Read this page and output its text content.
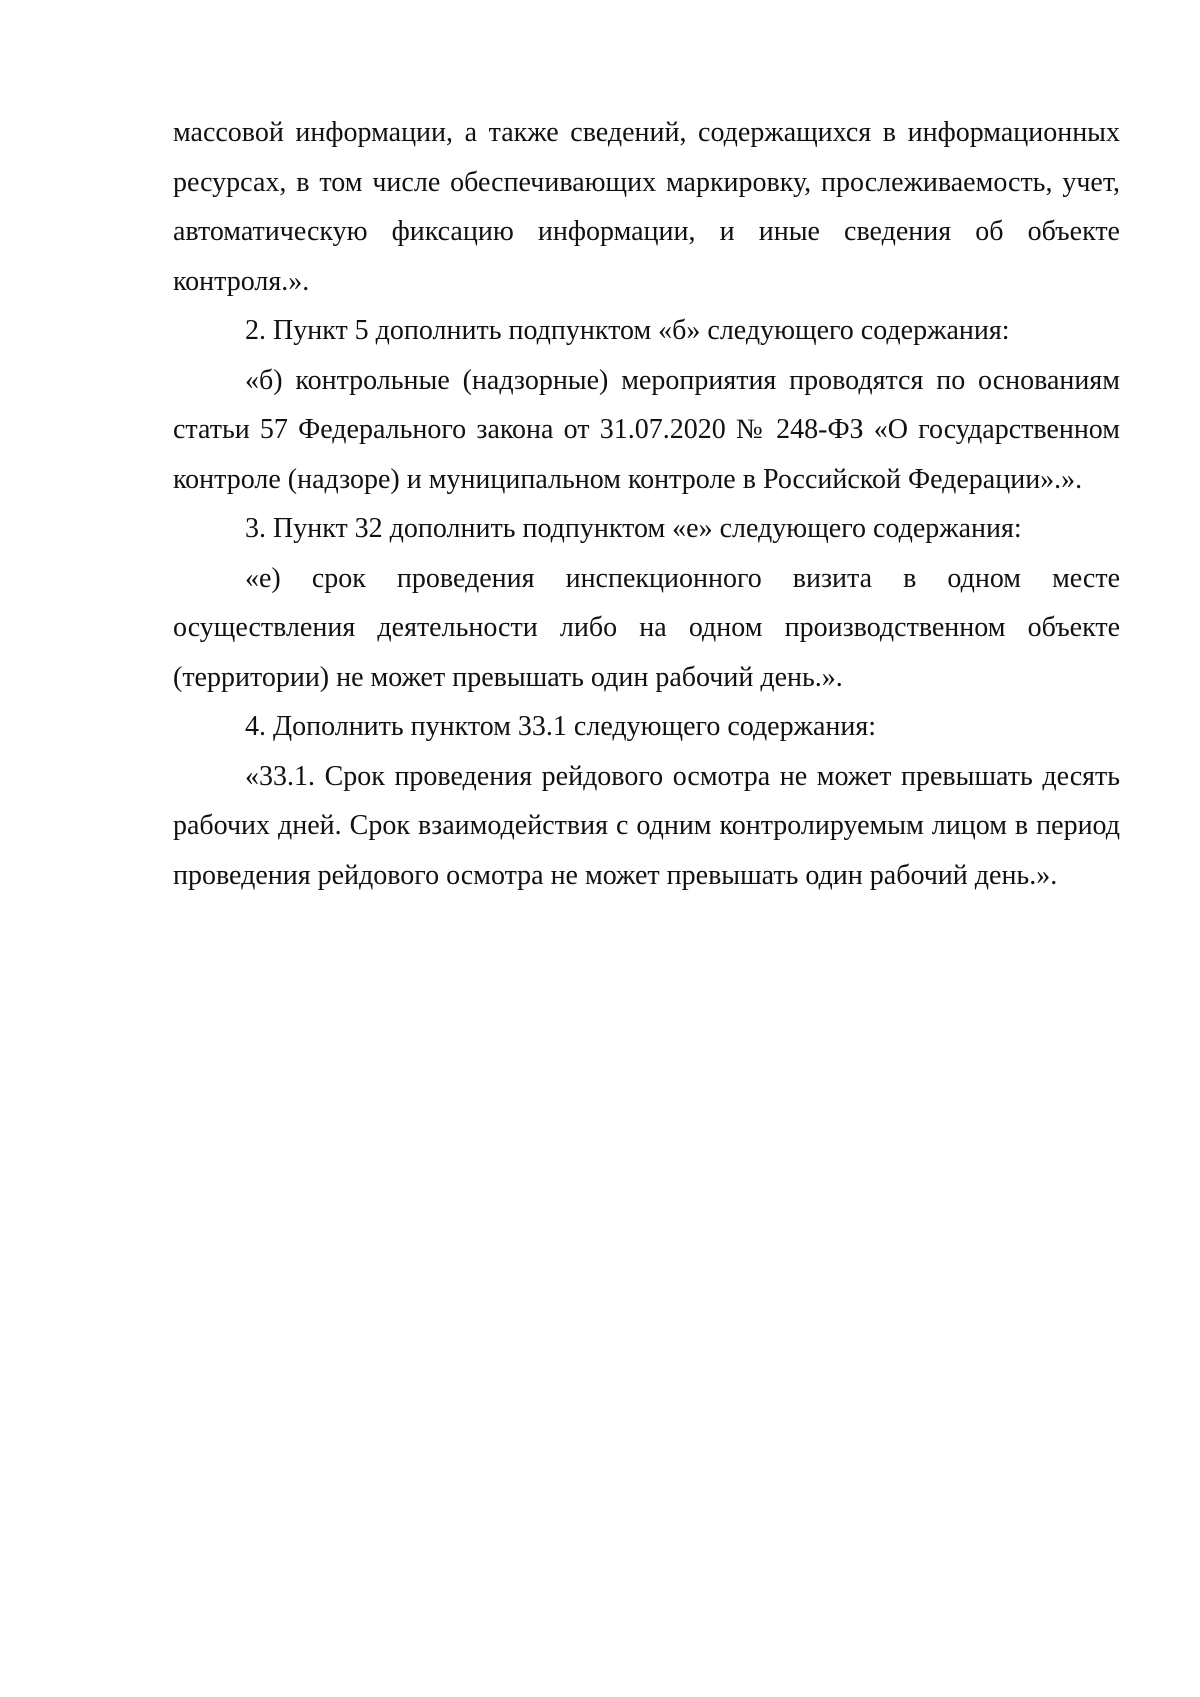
массовой информации, а также сведений, содержащихся в информационных ресурсах, в том числе обеспечивающих маркировку, прослеживаемость, учет, автоматическую фиксацию информации, и иные сведения об объекте контроля.».

2. Пункт 5 дополнить подпунктом «б» следующего содержания:

«б) контрольные (надзорные) мероприятия проводятся по основаниям статьи 57 Федерального закона от 31.07.2020 № 248-ФЗ «О государственном контроле (надзоре) и муниципальном контроле в Российской Федерации».».

3. Пункт 32 дополнить подпунктом «е» следующего содержания:

«е) срок проведения инспекционного визита в одном месте осуществления деятельности либо на одном производственном объекте (территории) не может превышать один рабочий день.».

4. Дополнить пунктом 33.1 следующего содержания:

«33.1. Срок проведения рейдового осмотра не может превышать десять рабочих дней. Срок взаимодействия с одним контролируемым лицом в период проведения рейдового осмотра не может превышать один рабочий день.».
